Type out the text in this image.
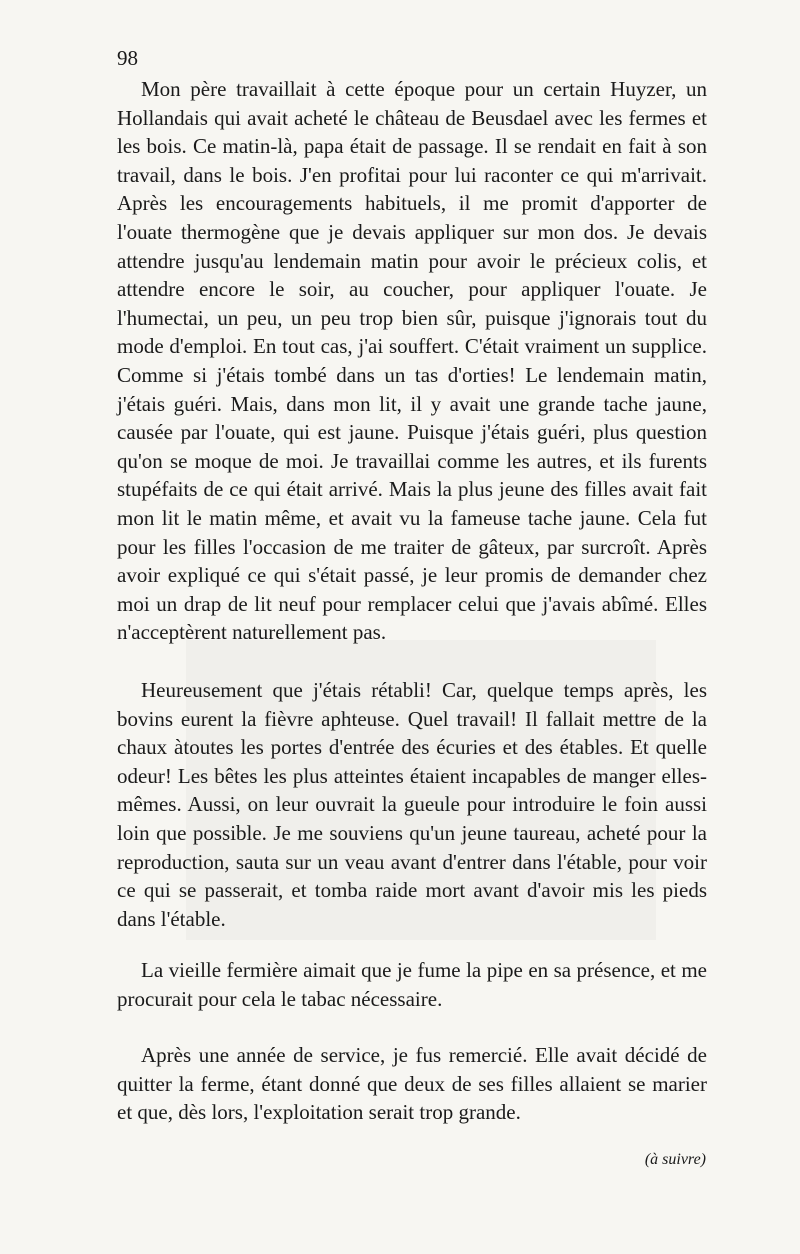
98

Mon père travaillait à cette époque pour un certain Huyzer, un Hollandais qui avait acheté le château de Beusdael avec les fermes et les bois. Ce matin-là, papa était de passage. Il se rendait en fait à son travail, dans le bois. J'en profitai pour lui raconter ce qui m'arrivait. Après les encouragements habituels, il me promit d'apporter de l'ouate thermogène que je devais appliquer sur mon dos. Je devais attendre jusqu'au lendemain matin pour avoir le précieux colis, et attendre encore le soir, au coucher, pour appliquer l'ouate. Je l'humectai, un peu, un peu trop bien sûr, puisque j'ignorais tout du mode d'emploi. En tout cas, j'ai souffert. C'était vraiment un supplice. Comme si j'étais tombé dans un tas d'orties! Le lendemain matin, j'étais guéri. Mais, dans mon lit, il y avait une grande tache jaune, causée par l'ouate, qui est jaune. Puisque j'étais guéri, plus question qu'on se moque de moi. Je travaillai comme les autres, et ils furents stupéfaits de ce qui était arrivé. Mais la plus jeune des filles avait fait mon lit le matin même, et avait vu la fameuse tache jaune. Cela fut pour les filles l'occasion de me traiter de gâteux, par surcroît. Après avoir expliqué ce qui s'était passé, je leur promis de demander chez moi un drap de lit neuf pour remplacer celui que j'avais abîmé. Elles n'acceptèrent naturellement pas.

Heureusement que j'étais rétabli! Car, quelque temps après, les bovins eurent la fièvre aphteuse. Quel travail! Il fallait mettre de la chaux àtoutes les portes d'entrée des écuries et des étables. Et quelle odeur! Les bêtes les plus atteintes étaient incapables de manger elles-mêmes. Aussi, on leur ouvrait la gueule pour introduire le foin aussi loin que possible. Je me souviens qu'un jeune taureau, acheté pour la reproduction, sauta sur un veau avant d'entrer dans l'étable, pour voir ce qui se passerait, et tomba raide mort avant d'avoir mis les pieds dans l'étable.

La vieille fermière aimait que je fume la pipe en sa présence, et me procurait pour cela le tabac nécessaire.

Après une année de service, je fus remercié. Elle avait décidé de quitter la ferme, étant donné que deux de ses filles allaient se marier et que, dès lors, l'exploitation serait trop grande.

(à suivre)
